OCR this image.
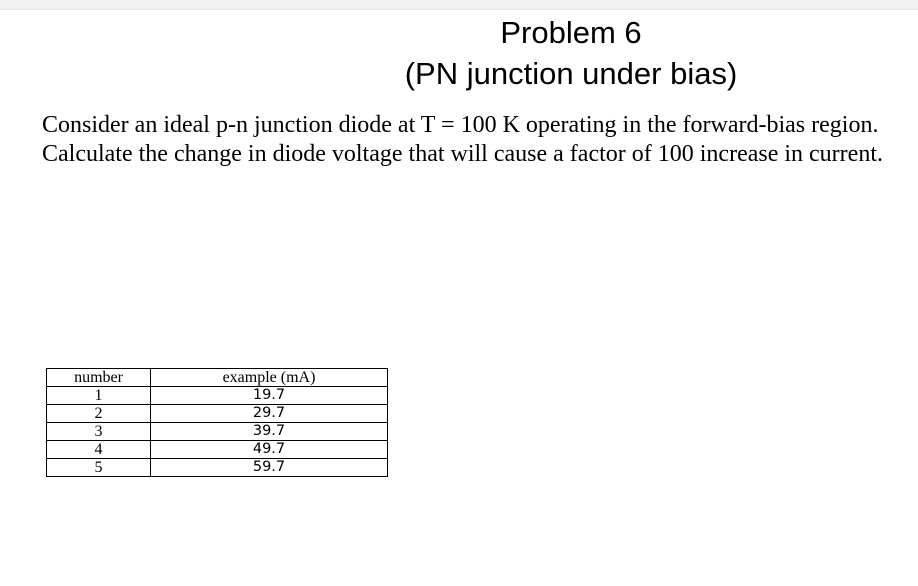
Problem 6
(PN junction under bias)

Consider an ideal p-n junction diode at T = 100 K operating in the forward-bias region. Calculate the change in diode voltage that will cause a factor of 100 increase in current.

number	example (mA)
1	19.7
2	29.7
3	39.7
4	49.7
5	59.7
